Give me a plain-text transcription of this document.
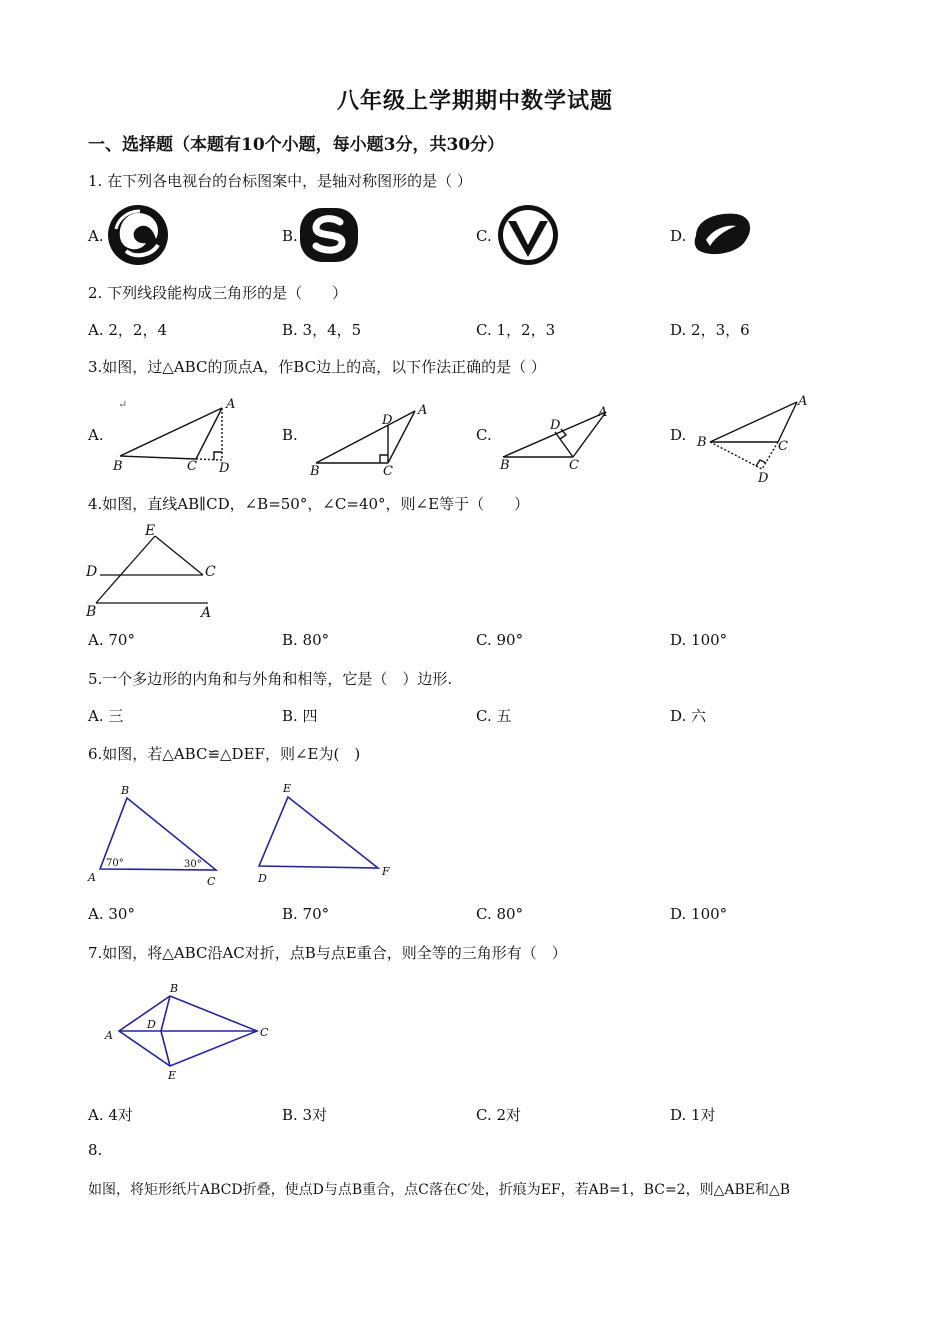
八年级上学期期中数学试题
一、选择题（本题有10个小题，每小题3分，共30分）
1. 在下列各电视台的台标图案中，是轴对称图形的是（ ）
A.	B.	C.	D.
2. 下列线段能构成三角形的是（　　）
A. 2，2，4	B. 3，4，5	C. 1，2，3	D. 2，3，6
3.如图，过△ABC的顶点A，作BC边上的高，以下作法正确的是（ ）
A.	B.	C.	D.
↵	A
B	C D
A
B	C
D
A
B	C
D
A
B	C
D
4.如图，直线AB∥CD，∠B=50°，∠C=40°，则∠E等于（　　）
E
D	C
B	A
A. 70°	B. 80°	C. 90°	D. 100°
5.一个多边形的内角和与外角和相等，它是（　）边形.
A. 三	B. 四	C. 五	D. 六
6.如图，若△ABC≌△DEF，则∠E为(　)
B
A	C
70°	30°
E
D
F
A. 30°	B. 70°	C. 80°	D. 100°
7.如图，将△ABC沿AC对折，点B与点E重合，则全等的三角形有（　）
B
A
D
C
E
A. 4对	B. 3对	C. 2对	D. 1对
8.
如图，将矩形纸片ABCD折叠，使点D与点B重合，点C落在C′处，折痕为EF，若AB=1，BC=2，则△ABE和△B
